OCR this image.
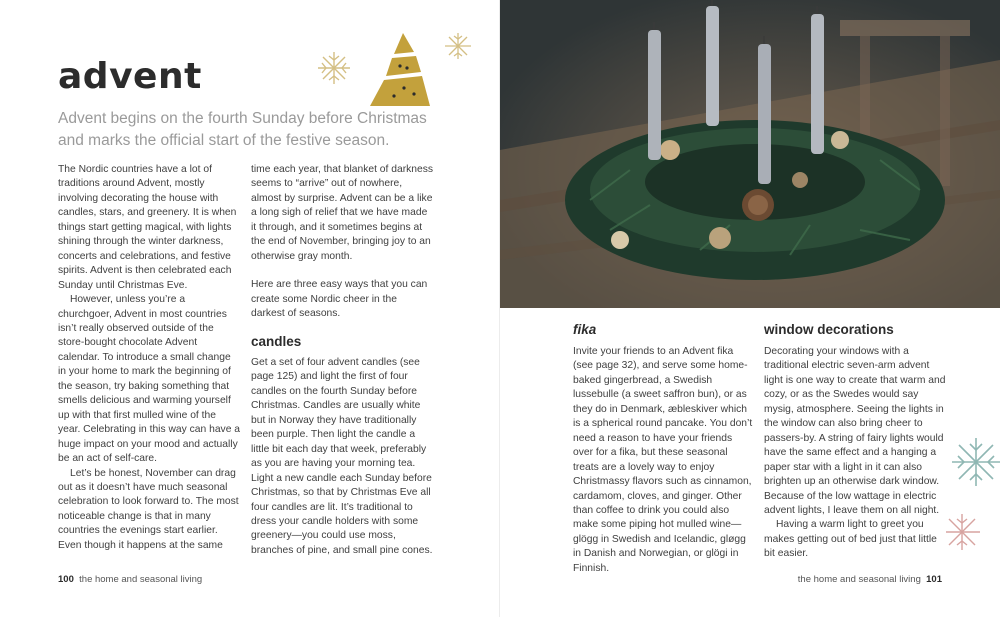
advent

Advent begins on the fourth Sunday before Christmas and marks the official start of the festive season.

The Nordic countries have a lot of traditions around Advent, mostly involving decorating the house with candles, stars, and greenery. It is when things start getting magical, with lights shining through the winter darkness, concerts and celebrations, and festive spirits. Advent is then celebrated each Sunday until Christmas Eve.

However, unless you’re a churchgoer, Advent in most countries isn’t really observed outside of the store-bought chocolate Advent calendar. To introduce a small change in your home to mark the beginning of the season, try baking something that smells delicious and warming yourself up with that first mulled wine of the year. Celebrating in this way can have a huge impact on your mood and actually be an act of self-care.

Let’s be honest, November can drag out as it doesn’t have much seasonal celebration to look forward to. The most noticeable change is that in many countries the evenings start earlier. Even though it happens at the same

time each year, that blanket of darkness seems to “arrive” out of nowhere, almost by surprise. Advent can be a like a long sigh of relief that we have made it through, and it sometimes begins at the end of November, bringing joy to an otherwise gray month.

Here are three easy ways that you can create some Nordic cheer in the darkest of seasons.

candles

Get a set of four advent candles (see page 125) and light the first of four candles on the fourth Sunday before Christmas. Candles are usually white but in Norway they have traditionally been purple. Then light the candle a little bit each day that week, preferably as you are having your morning tea. Light a new candle each Sunday before Christmas, so that by Christmas Eve all four candles are lit. It’s traditional to dress your candle holders with some greenery—you could use moss, branches of pine, and small pine cones.

100 the home and seasonal living
fika

Invite your friends to an Advent fika (see page 32), and serve some home-baked gingerbread, a Swedish lussebulle (a sweet saffron bun), or as they do in Denmark, æbleskiver which is a spherical round pancake. You don’t need a reason to have your friends over for a fika, but these seasonal treats are a lovely way to enjoy Christmassy flavors such as cinnamon, cardamom, cloves, and ginger. Other than coffee to drink you could also make some piping hot mulled wine—glögg in Swedish and Icelandic, gløgg in Danish and Norwegian, or glögi in Finnish.

window decorations

Decorating your windows with a traditional electric seven-arm advent light is one way to create that warm and cozy, or as the Swedes would say mysig, atmosphere. Seeing the lights in the window can also bring cheer to passers-by. A string of fairy lights would have the same effect and a hanging a paper star with a light in it can also brighten up an otherwise dark window. Because of the low wattage in electric advent lights, I leave them on all night.

Having a warm light to greet you makes getting out of bed just that little bit easier.

the home and seasonal living 101
